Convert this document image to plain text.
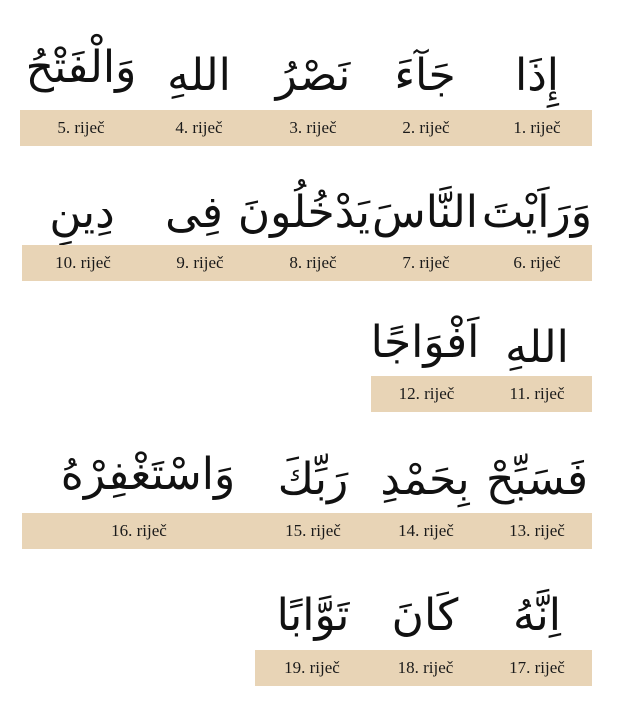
إِذَا
جَآءَ
نَصْرُ
اللهِ
وَالْفَتْحُ
1. riječ
2. riječ
3. riječ
4. riječ
5. riječ
وَرَاَيْتَ
النَّاسَ
يَدْخُلُونَ
فِى
دِينِ
6. riječ
7. riječ
8. riječ
9. riječ
10. riječ
اللهِ
اَفْوَاجًا
11. riječ
12. riječ
فَسَبِّحْ
بِحَمْدِ
رَبِّكَ
وَاسْتَغْفِرْهُ
13. riječ
14. riječ
15. riječ
16. riječ
اِنَّهُ
كَانَ
تَوَّابًا
17. riječ
18. riječ
19. riječ
